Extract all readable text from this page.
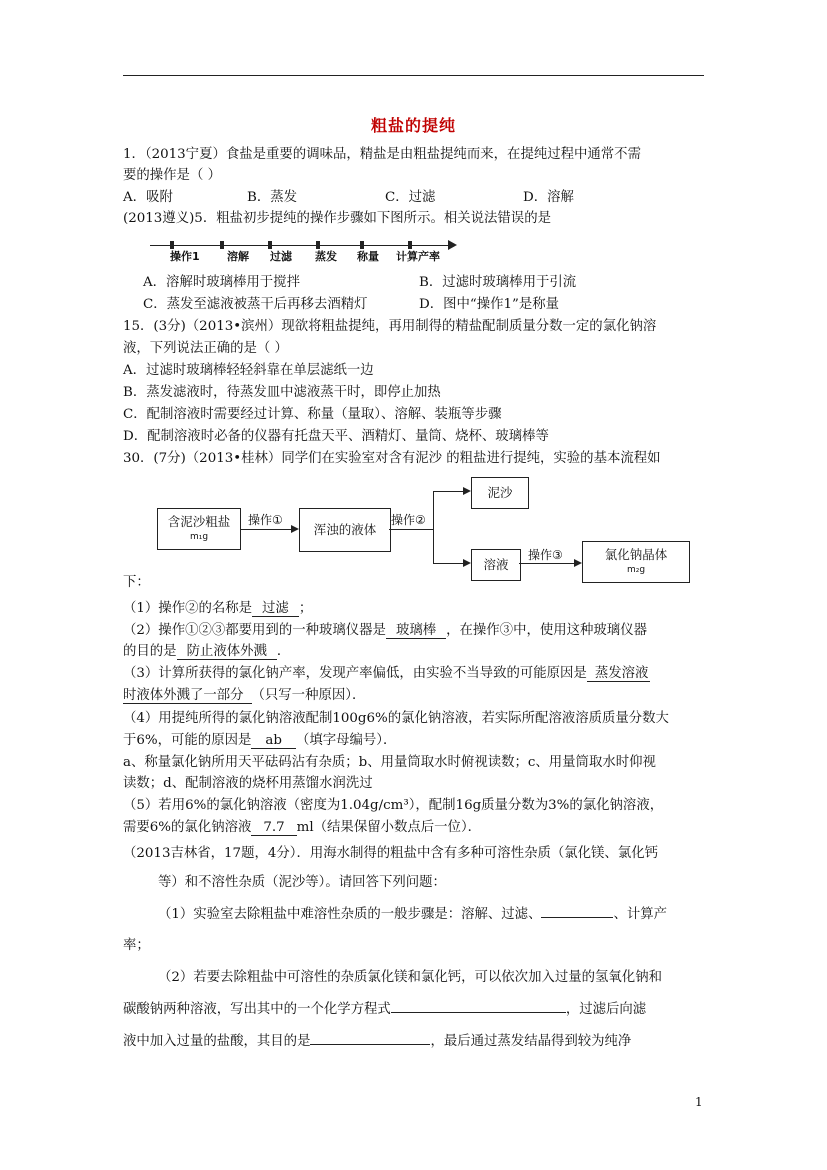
粗盐的提纯
1．（2013宁夏）食盐是重要的调味品，精盐是由粗盐提纯而来，在提纯过程中通常不需
要的操作是（ ）
A．吸附	B．蒸发	C．过滤	D．溶解
(2013遵义)5．粗盐初步提纯的操作步骤如下图所示。相关说法错误的是
操作1 溶解 过滤 蒸发 称量 计算产率
A．溶解时玻璃棒用于搅拌	B．过滤时玻璃棒用于引流
C．蒸发至滤液被蒸干后再移去酒精灯	D．图中“操作1”是称量
15．(3分)（2013•滨州）现欲将粗盐提纯，再用制得的精盐配制质量分数一定的氯化钠溶
液，下列说法正确的是（ ）
A．过滤时玻璃棒轻轻斜靠在单层滤纸一边
B．蒸发滤液时，待蒸发皿中滤液蒸干时，即停止加热
C．配制溶液时需要经过计算、称量（量取）、溶解、装瓶等步骤
D．配制溶液时必备的仪器有托盘天平、酒精灯、量筒、烧杯、玻璃棒等
30．(7分)（2013•桂林）同学们在实验室对含有泥沙 的粗盐进行提纯，实验的基本流程如
含泥沙粗盐
m₁g
操作①
浑浊的液体
操作②
泥沙
溶液
操作③	氯化钠晶体
m₂g
下：
（1）操作②的名称是 过滤 ；
（2）操作①②③都要用到的一种玻璃仪器是 玻璃棒 ，在操作③中，使用这种玻璃仪器
的目的是 防止液体外溅 ．
（3）计算所获得的氯化钠产率，发现产率偏低，由实验不当导致的可能原因是 蒸发溶液
时液体外溅了一部分 （只写一种原因）．
（4）用提纯所得的氯化钠溶液配制100g6%的氯化钠溶液，若实际所配溶液溶质质量分数大
于6%，可能的原因是 ab （填字母编号）．
a、称量氯化钠所用天平砝码沾有杂质；b、用量筒取水时俯视读数；c、用量筒取水时仰视
读数；d、配制溶液的烧杯用蒸馏水润洗过
（5）若用6%的氯化钠溶液（密度为1.04g/cm³），配制16g质量分数为3%的氯化钠溶液，
需要6%的氯化钠溶液 7.7 ml（结果保留小数点后一位）．
（2013吉林省，17题，4分）．用海水制得的粗盐中含有多种可溶性杂质（氯化镁、氯化钙
等）和不溶性杂质（泥沙等）。请回答下列问题：
（1）实验室去除粗盐中难溶性杂质的一般步骤是：溶解、过滤、	、计算产
率；
（2）若要去除粗盐中可溶性的杂质氯化镁和氯化钙，可以依次加入过量的氢氧化钠和
碳酸钠两种溶液，写出其中的一个化学方程式	，过滤后向滤
液中加入过量的盐酸，其目的是	，最后通过蒸发结晶得到较为纯净
1
